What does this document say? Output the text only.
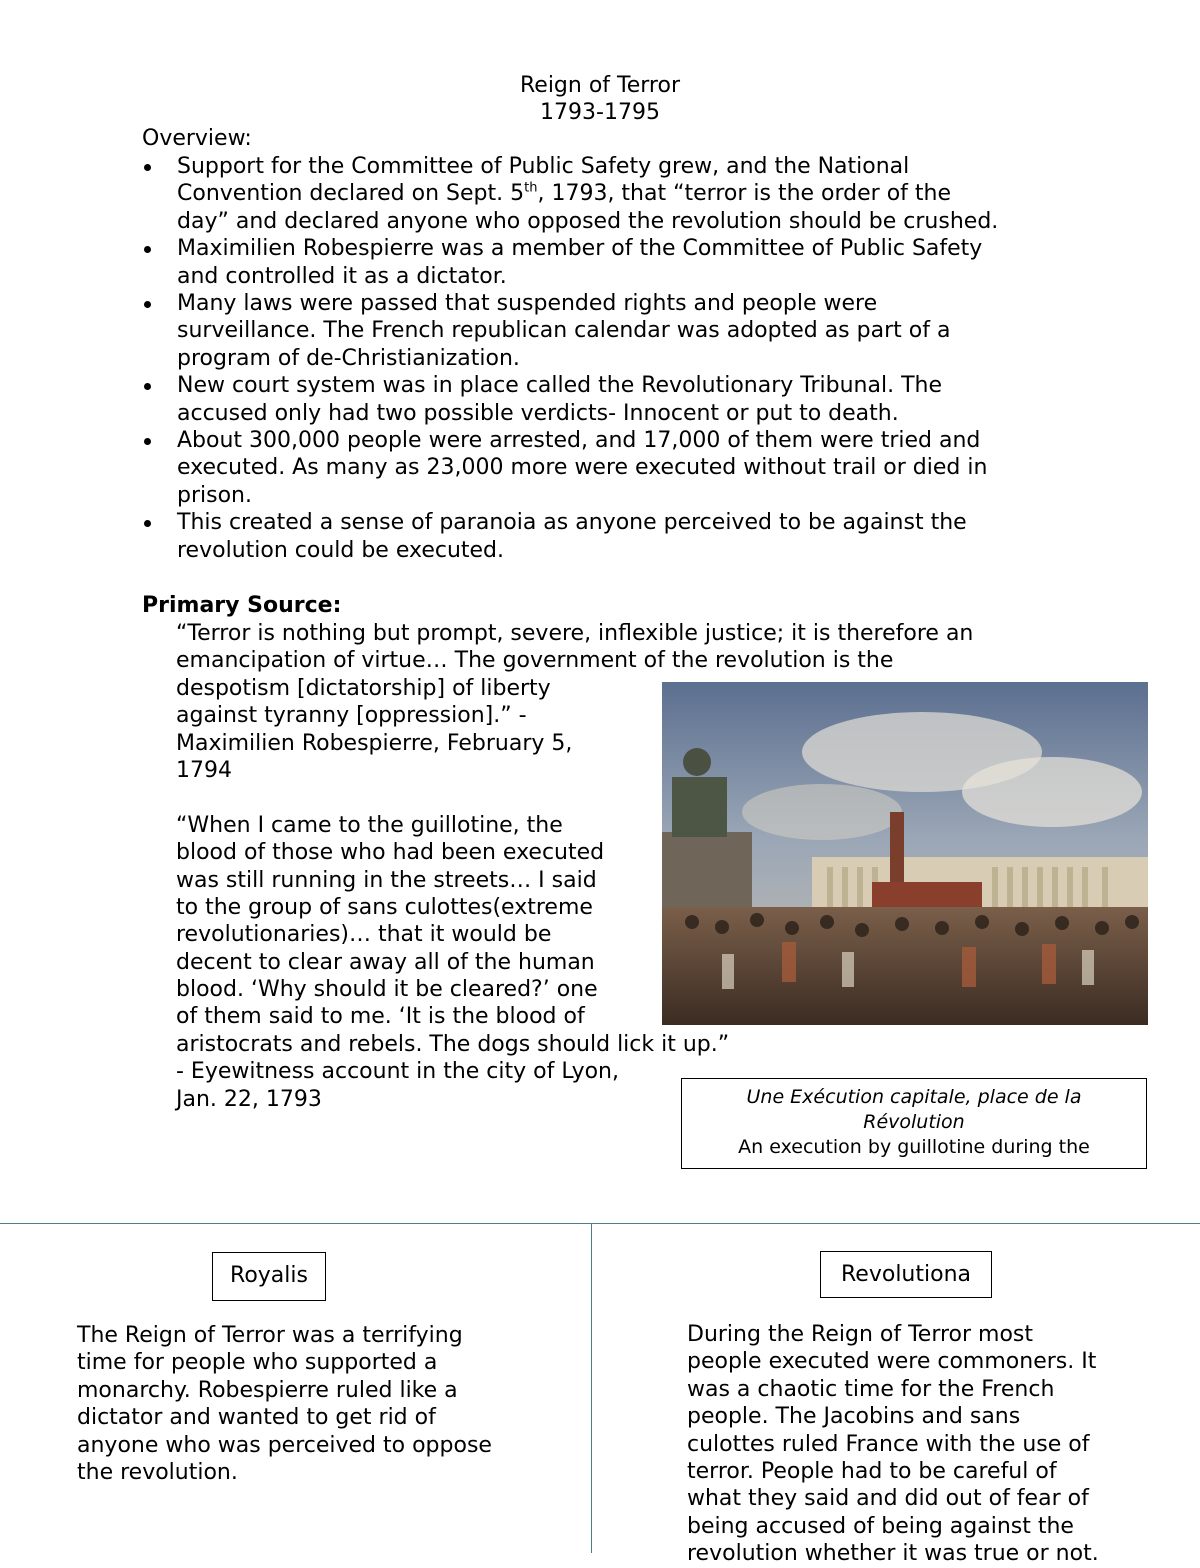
Reign of Terror
1793-1795
Overview:
Support for the Committee of Public Safety grew, and the National
Convention declared on Sept. 5th, 1793, that “terror is the order of the
day” and declared anyone who opposed the revolution should be crushed.
Maximilien Robespierre was a member of the Committee of Public Safety
and controlled it as a dictator.
Many laws were passed that suspended rights and people were
surveillance. The French republican calendar was adopted as part of a
program of de-Christianization.
New court system was in place called the Revolutionary Tribunal. The
accused only had two possible verdicts- Innocent or put to death.
About 300,000 people were arrested, and 17,000 of them were tried and
executed. As many as 23,000 more were executed without trail or died in
prison.
This created a sense of paranoia as anyone perceived to be against the
revolution could be executed.
Primary Source:
“Terror is nothing but prompt, severe, inflexible justice; it is therefore an
emancipation of virtue… The government of the revolution is the
despotism [dictatorship] of liberty
against tyranny [oppression].” -
Maximilien Robespierre, February 5,
1794
“When I came to the guillotine, the
blood of those who had been executed
was still running in the streets… I said
to the group of sans culottes(extreme
revolutionaries)… that it would be
decent to clear away all of the human
blood. ‘Why should it be cleared?’ one
of them said to me. ‘It is the blood of
aristocrats and rebels. The dogs should lick it up.”
- Eyewitness account in the city of Lyon,
Jan. 22, 1793	Une Exécution capitale, place de la
Révolution
An execution by guillotine during the
Royalis
The Reign of Terror was a terrifying
time for people who supported a
monarchy. Robespierre ruled like a
dictator and wanted to get rid of
anyone who was perceived to oppose
the revolution.
Revolutiona
During the Reign of Terror most
people executed were commoners. It
was a chaotic time for the French
people. The Jacobins and sans
culottes ruled France with the use of
terror. People had to be careful of
what they said and did out of fear of
being accused of being against the
revolution whether it was true or not.
